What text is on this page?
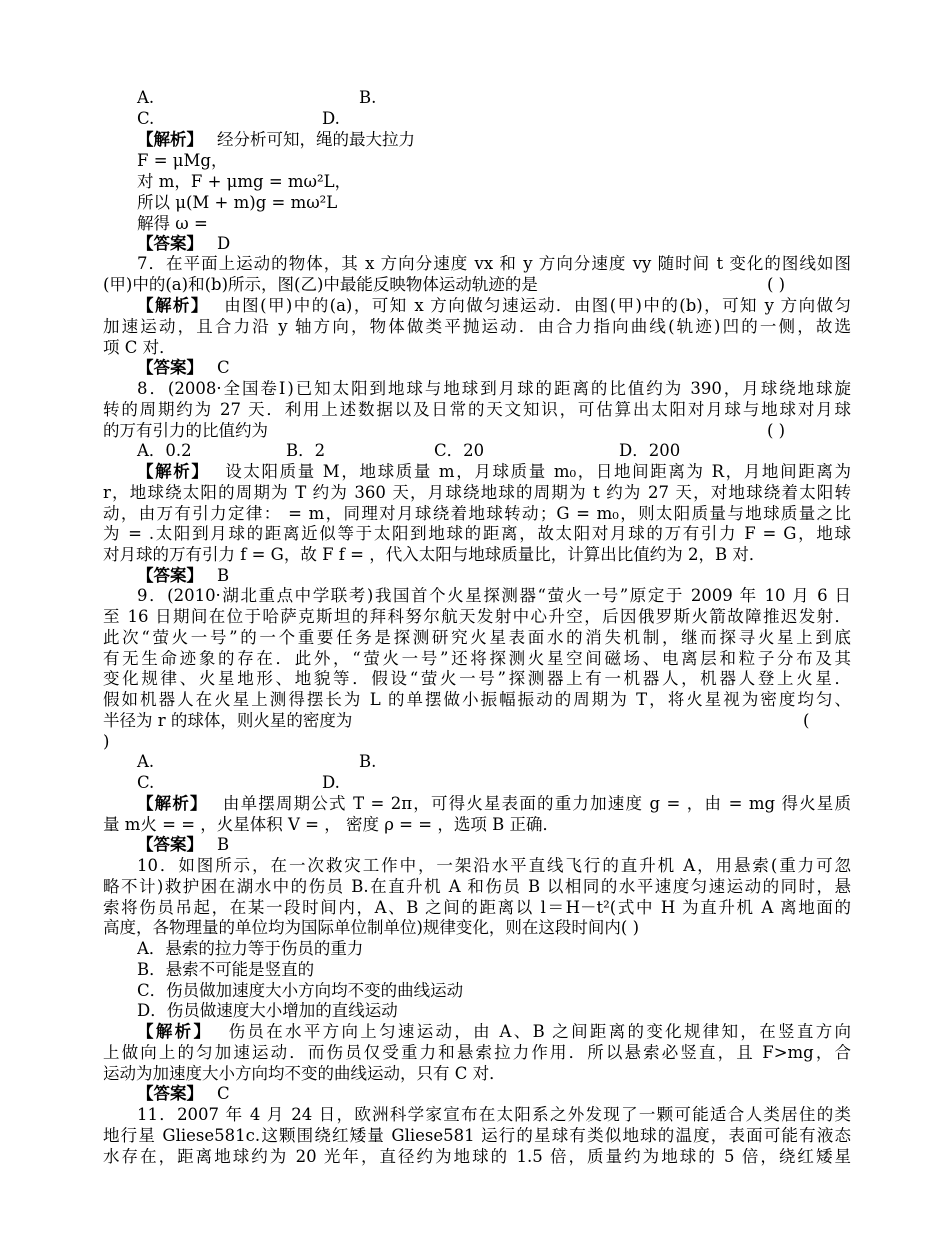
A.	B.
C.	D.
【解析】 经分析可知，绳的最大拉力
F = μMg，
对 m，F + μmg = mω²L，
所以 μ(M + m)g = mω²L
解得 ω =
【答案】 D
7．在平面上运动的物体，其 x 方向分速度 vx 和 y 方向分速度 vy 随时间 t 变化的图线如图
(甲)中的(a)和(b)所示，图(乙)中最能反映物体运动轨迹的是	( )
【解析】 由图(甲)中的(a)，可知 x 方向做匀速运动．由图(甲)中的(b)，可知 y 方向做匀
加速运动，且合力沿 y 轴方向，物体做类平抛运动．由合力指向曲线(轨迹)凹的一侧，故选
项 C 对．
【答案】 C
8．(2008·全国卷Ⅰ)已知太阳到地球与地球到月球的距离的比值约为 390，月球绕地球旋
转的周期约为 27 天．利用上述数据以及日常的天文知识，可估算出太阳对月球与地球对月球
的万有引力的比值约为	( )
A．0.2	B．2	C．20	D．200
【解析】 设太阳质量 M，地球质量 m，月球质量 m₀，日地间距离为 R，月地间距离为
r，地球绕太阳的周期为 T 约为 360 天，月球绕地球的周期为 t 约为 27 天，对地球绕着太阳转
动，由万有引力定律： = m，同理对月球绕着地球转动；G = m₀，则太阳质量与地球质量之比
为 = .太阳到月球的距离近似等于太阳到地球的距离，故太阳对月球的万有引力 F = G，地球
对月球的万有引力 f = G，故 F f = ，代入太阳与地球质量比，计算出比值约为 2，B 对．
【答案】 B
9．(2010·湖北重点中学联考)我国首个火星探测器“萤火一号”原定于 2009 年 10 月 6 日
至 16 日期间在位于哈萨克斯坦的拜科努尔航天发射中心升空，后因俄罗斯火箭故障推迟发射．
此次“萤火一号”的一个重要任务是探测研究火星表面水的消失机制，继而探寻火星上到底
有无生命迹象的存在．此外，“萤火一号”还将探测火星空间磁场、电离层和粒子分布及其
变化规律、火星地形、地貌等．假设“萤火一号”探测器上有一机器人，机器人登上火星．
假如机器人在火星上测得摆长为 L 的单摆做小振幅振动的周期为 T，将火星视为密度均匀、
半径为 r 的球体，则火星的密度为	(
)
A.	B.
C.	D.
【解析】 由单摆周期公式 T = 2π，可得火星表面的重力加速度 g = ，由 = mg 得火星质
量 m火 = = ，火星体积 V = ， 密度 ρ = = ，选项 B 正确．
【答案】 B
10．如图所示，在一次救灾工作中，一架沿水平直线飞行的直升机 A，用悬索(重力可忽
略不计)救护困在湖水中的伤员 B.在直升机 A 和伤员 B 以相同的水平速度匀速运动的同时，悬
索将伤员吊起，在某一段时间内，A、B 之间的距离以 l＝H－t²(式中 H 为直升机 A 离地面的
高度，各物理量的单位均为国际单位制单位)规律变化，则在这段时间内( )
A．悬索的拉力等于伤员的重力
B．悬索不可能是竖直的
C．伤员做加速度大小方向均不变的曲线运动
D．伤员做速度大小增加的直线运动
【解析】 伤员在水平方向上匀速运动，由 A、B 之间距离的变化规律知，在竖直方向
上做向上的匀加速运动．而伤员仅受重力和悬索拉力作用．所以悬索必竖直，且 F>mg，合
运动为加速度大小方向均不变的曲线运动，只有 C 对．
【答案】 C
11．2007 年 4 月 24 日，欧洲科学家宣布在太阳系之外发现了一颗可能适合人类居住的类
地行星 Gliese581c.这颗围绕红矮量 Gliese581 运行的星球有类似地球的温度，表面可能有液态
水存在，距离地球约为 20 光年，直径约为地球的 1.5 倍，质量约为地球的 5 倍，绕红矮星
